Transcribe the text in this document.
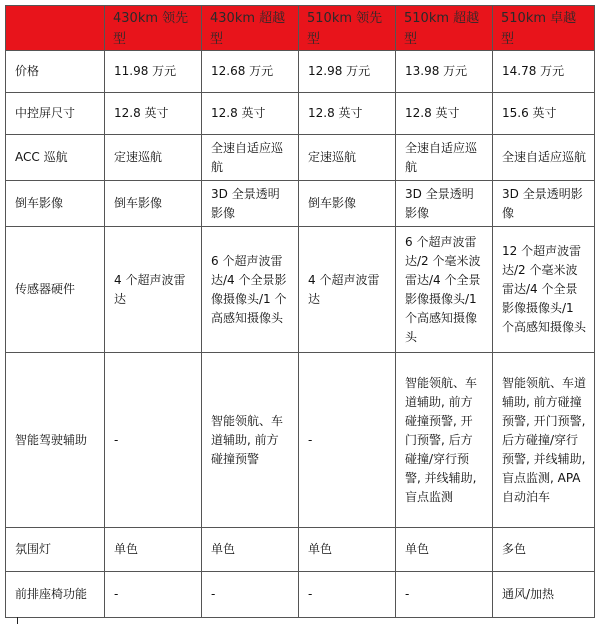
	430km 领先型	430km 超越型	510km 领先型	510km 超越型	510km 卓越型
价格	11.98 万元	12.68 万元	12.98 万元	13.98 万元	14.78 万元
中控屏尺寸	12.8 英寸	12.8 英寸	12.8 英寸	12.8 英寸	15.6 英寸
ACC 巡航	定速巡航	全速自适应巡航	定速巡航	全速自适应巡航	全速自适应巡航
倒车影像	倒车影像	3D 全景透明影像	倒车影像	3D 全景透明影像	3D 全景透明影像
传感器硬件	4 个超声波雷达	6 个超声波雷达/4 个全景影像摄像头/1 个高感知摄像头	4 个超声波雷达	6 个超声波雷达/2 个毫米波雷达/4 个全景影像摄像头/1 个高感知摄像头	12 个超声波雷达/2 个毫米波雷达/4 个全景影像摄像头/1 个高感知摄像头
智能驾驶辅助	-	智能领航、车道辅助, 前方碰撞预警	-	智能领航、车道辅助, 前方碰撞预警, 开门预警, 后方碰撞/穿行预警, 并线辅助, 盲点监测	智能领航、车道辅助, 前方碰撞预警, 开门预警, 后方碰撞/穿行预警, 并线辅助, 盲点监测, APA 自动泊车
氛围灯	单色	单色	单色	单色	多色
前排座椅功能	-	-	-	-	通风/加热
